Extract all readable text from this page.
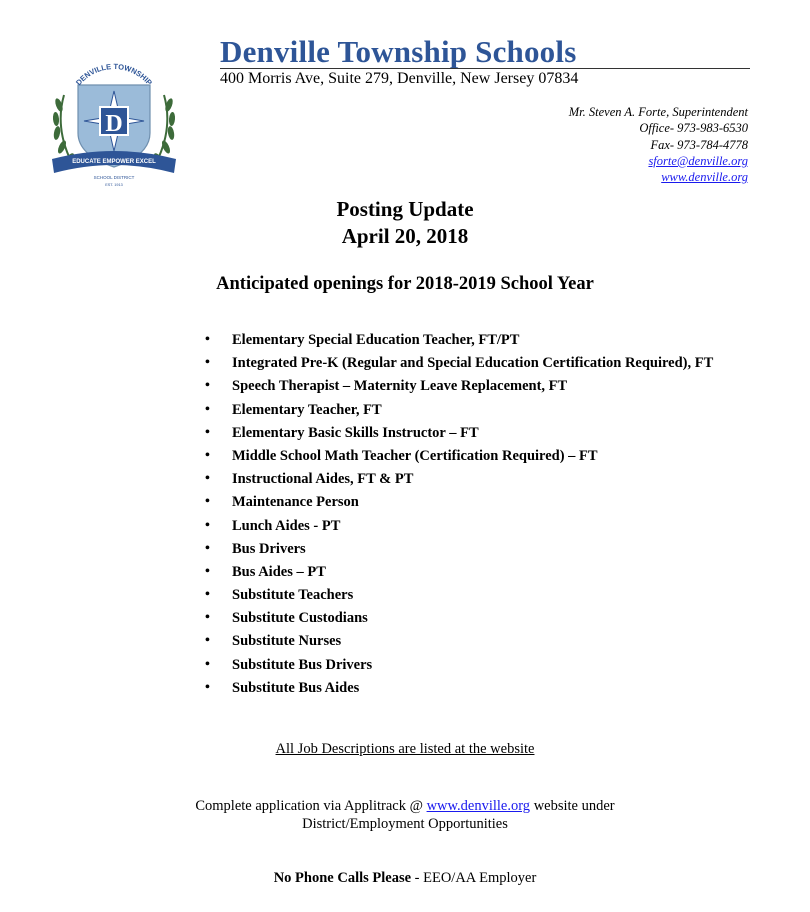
D
DENVILLE TOWNSHIP
EDUCATE EMPOWER EXCEL
SCHOOL DISTRICT
EST. 1913
Denville Township Schools
400 Morris Ave, Suite 279, Denville, New Jersey 07834
Mr. Steven A. Forte, Superintendent
Office- 973-983-6530
Fax- 973-784-4778
sforte@denville.org
www.denville.org
Posting Update
April 20, 2018
Anticipated openings for 2018-2019 School Year
• Elementary Special Education Teacher, FT/PT
• Integrated Pre-K (Regular and Special Education Certification Required), FT
• Speech Therapist – Maternity Leave Replacement, FT
• Elementary Teacher, FT
• Elementary Basic Skills Instructor – FT
• Middle School Math Teacher (Certification Required) – FT
• Instructional Aides, FT & PT
• Maintenance Person
• Lunch Aides - PT
• Bus Drivers
• Bus Aides – PT
• Substitute Teachers
• Substitute Custodians
• Substitute Nurses
• Substitute Bus Drivers
• Substitute Bus Aides
All Job Descriptions are listed at the website
Complete application via Applitrack @ www.denville.org website under
District/Employment Opportunities
No Phone Calls Please - EEO/AA Employer
